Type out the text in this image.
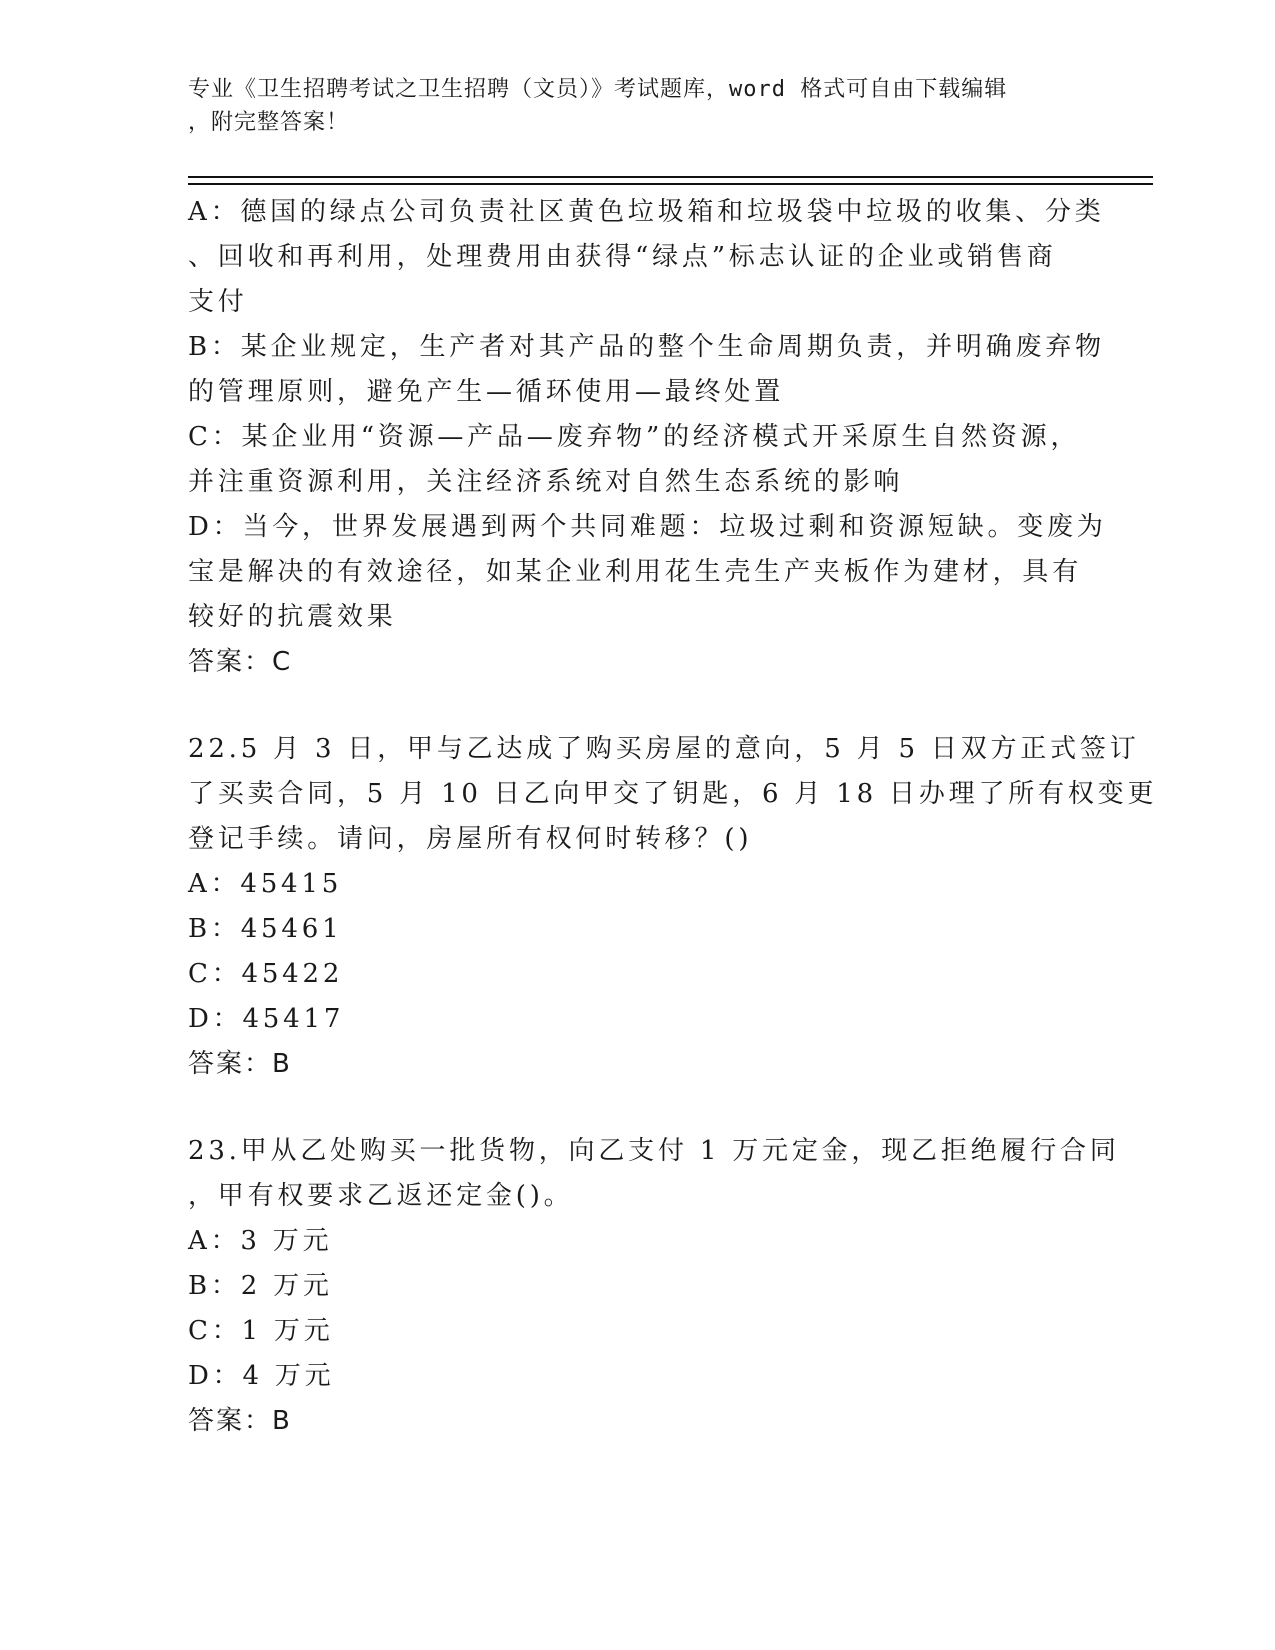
专业《卫生招聘考试之卫生招聘（文员）》考试题库，word 格式可自由下载编辑
，附完整答案！
A：德国的绿点公司负责社区黄色垃圾箱和垃圾袋中垃圾的收集、分类
、回收和再利用，处理费用由获得“绿点”标志认证的企业或销售商
支付
B：某企业规定，生产者对其产品的整个生命周期负责，并明确废弃物
的管理原则，避免产生—循环使用—最终处置
C：某企业用“资源—产品—废弃物”的经济模式开采原生自然资源，
并注重资源利用，关注经济系统对自然生态系统的影响
D：当今，世界发展遇到两个共同难题：垃圾过剩和资源短缺。变废为
宝是解决的有效途径，如某企业利用花生壳生产夹板作为建材，具有
较好的抗震效果
答案：C
22.5 月 3 日，甲与乙达成了购买房屋的意向，5 月 5 日双方正式签订
了买卖合同，5 月 10 日乙向甲交了钥匙，6 月 18 日办理了所有权变更
登记手续。请问，房屋所有权何时转移？()
A：45415
B：45461
C：45422
D：45417
答案：B
23.甲从乙处购买一批货物，向乙支付 1 万元定金，现乙拒绝履行合同
，甲有权要求乙返还定金()。
A：3 万元
B：2 万元
C：1 万元
D：4 万元
答案：B
